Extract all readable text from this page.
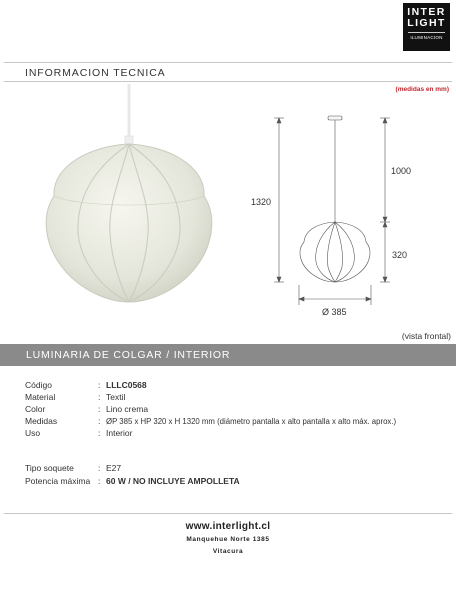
INTER
LIGHT
ILUMINACION
INFORMACION TECNICA
(medidas en mm)
1320
1000
320
Ø 385
(vista frontal)
LUMINARIA DE COLGAR / INTERIOR
Código	: LLLC0568
Material	: Textil
Color	: Lino crema
Medidas	: ØP 385 x HP 320 x H 1320 mm (diámetro pantalla x alto pantalla x alto máx. aprox.)
Uso	: Interior
Tipo soquete	: E27
Potencia máxima : 60 W / NO INCLUYE AMPOLLETA
www.interlight.cl
Manquehue Norte 1385
Vitacura
